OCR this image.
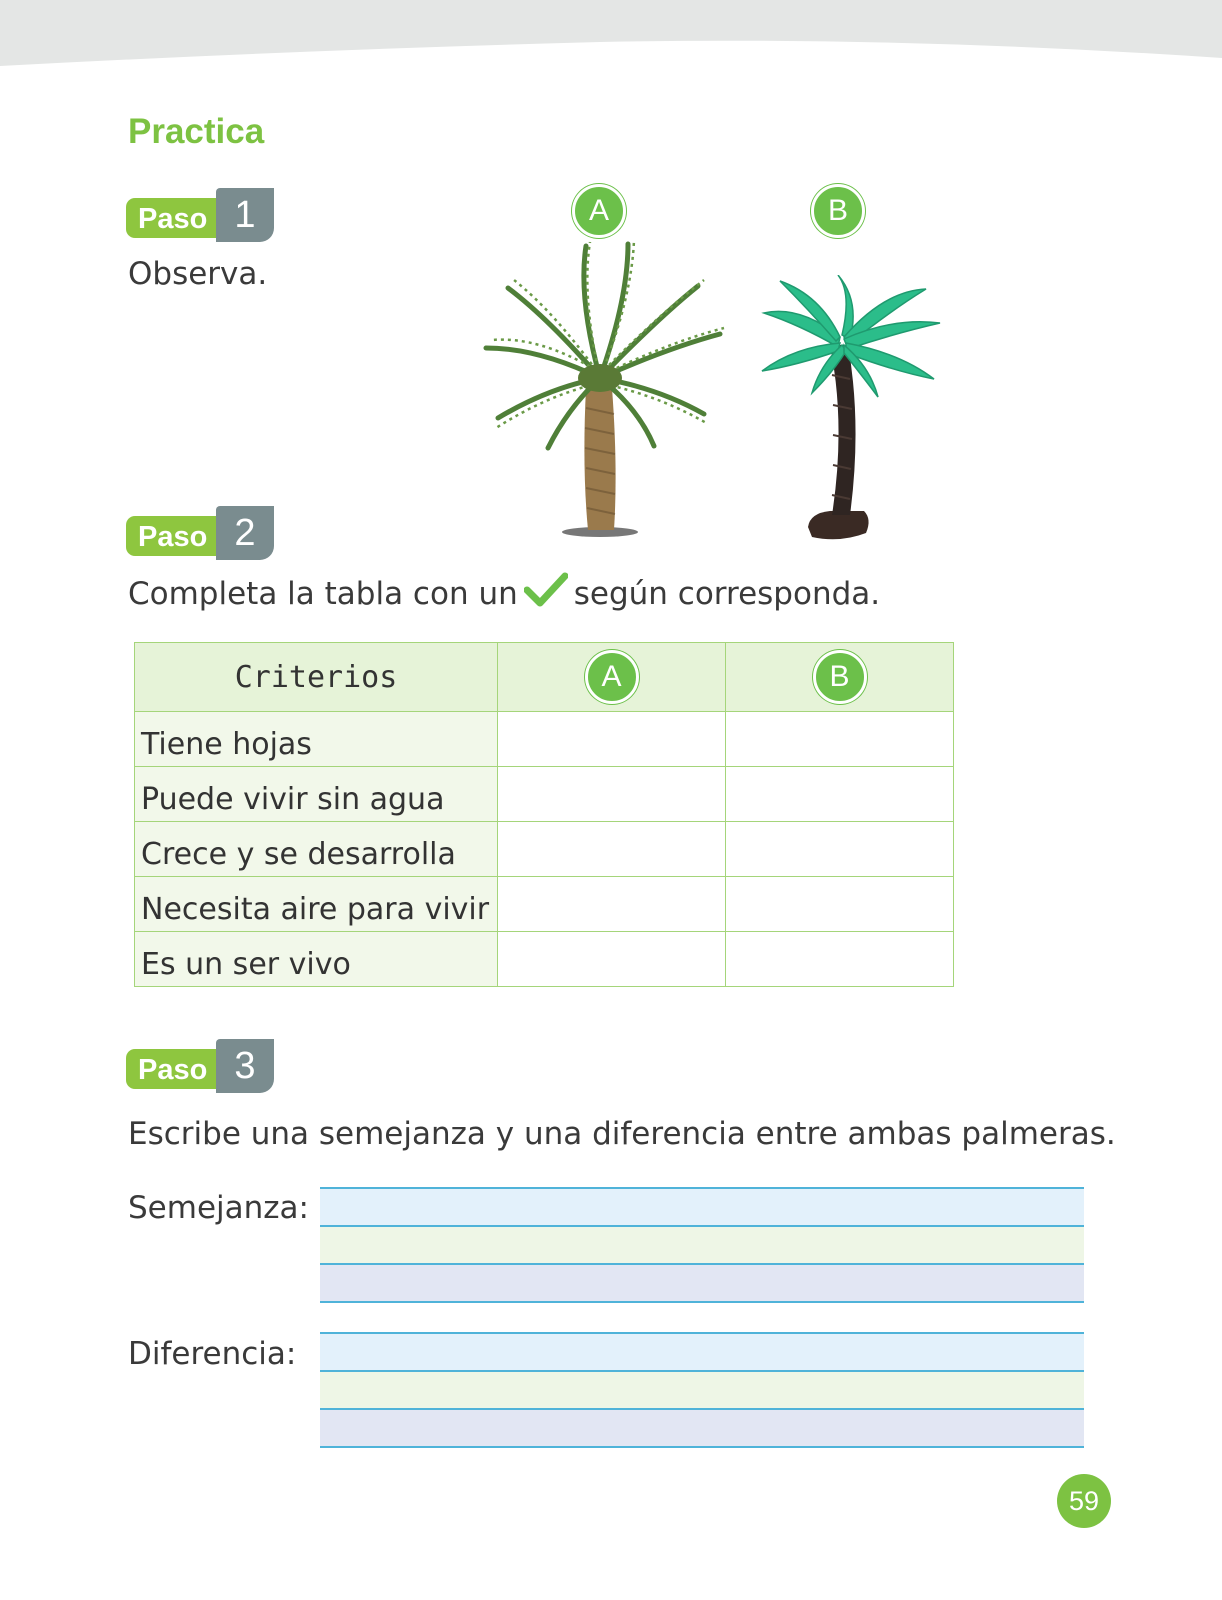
Practica
Paso 1
Observa.
A	B
Paso 2
Completa la tabla con un según corresponda.
Criterios	A	B
Tiene hojas		
Puede vivir sin agua		
Crece y se desarrolla		
Necesita aire para vivir		
Es un ser vivo		
Paso 3
Escribe una semejanza y una diferencia entre ambas palmeras.
Semejanza:
Diferencia:
59
